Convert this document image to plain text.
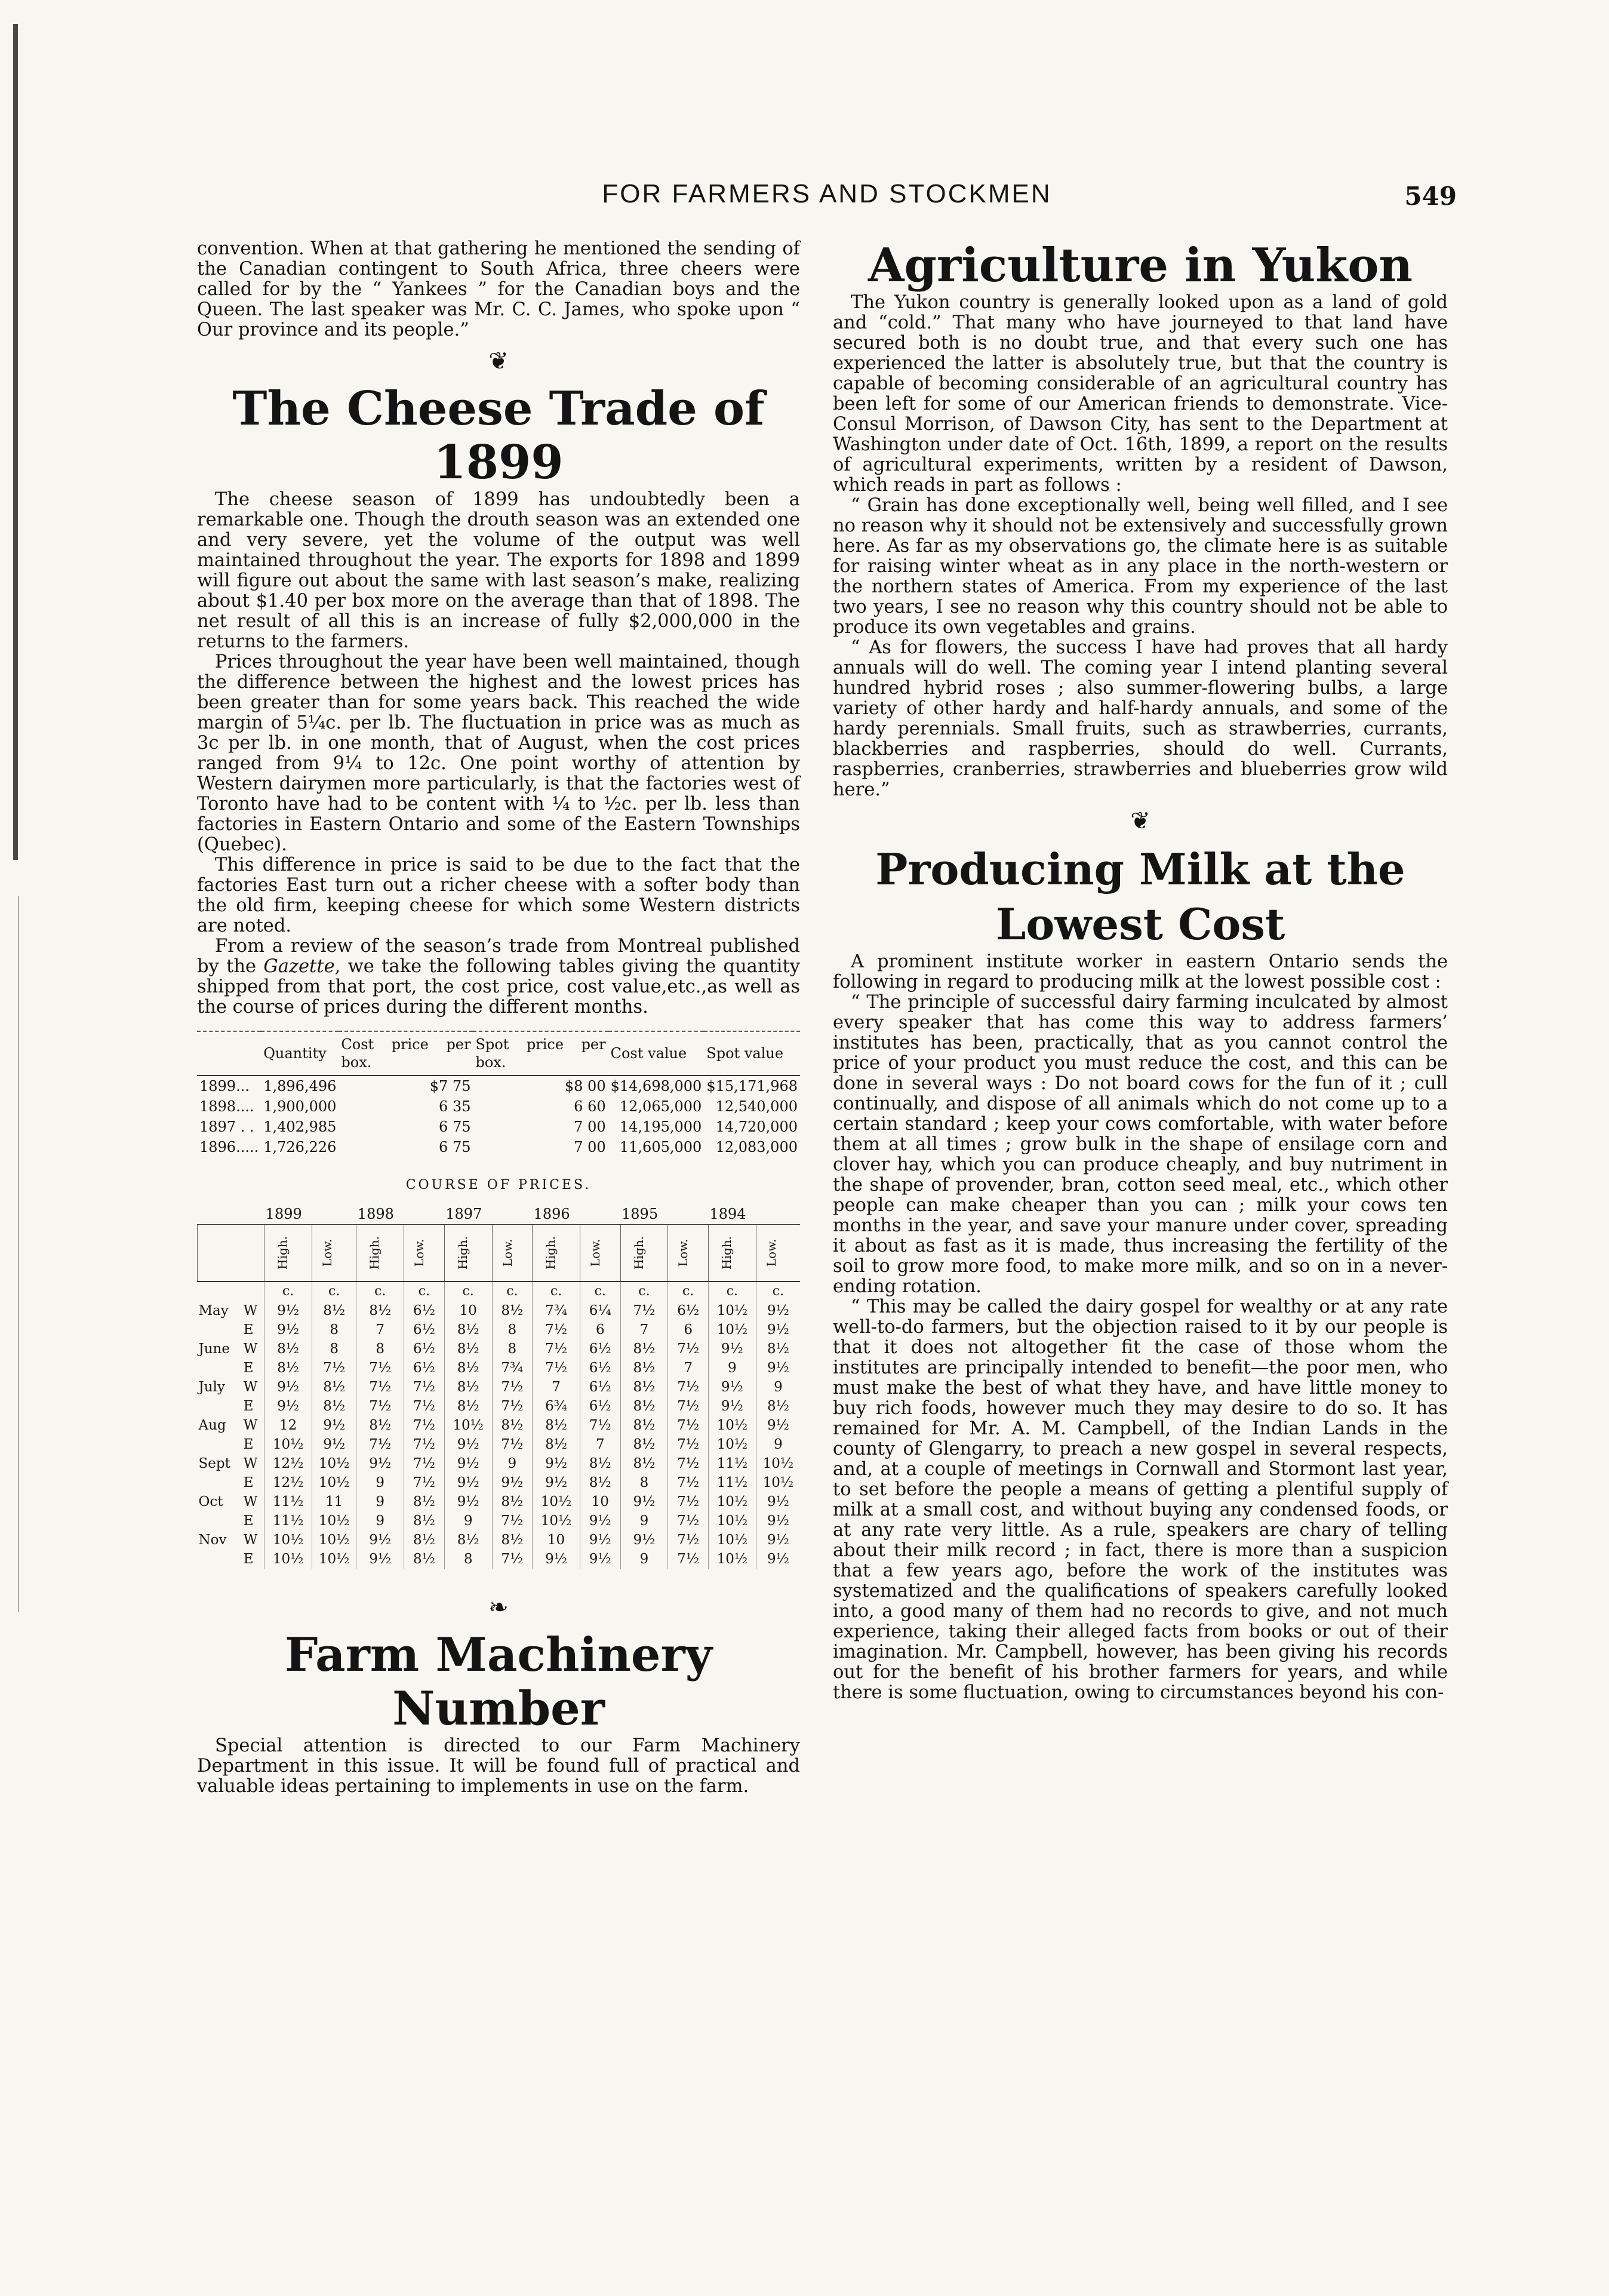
FOR FARMERS AND STOCKMEN	549

convention. When at that gathering he mentioned the sending of the Canadian contingent to South Africa, three cheers were called for by the “ Yankees ” for the Canadian boys and the Queen. The last speaker was Mr. C. C. James, who spoke upon “ Our province and its people.”

❦
The Cheese Trade of 1899

The cheese season of 1899 has undoubtedly been a remarkable one. Though the drouth season was an extended one and very severe, yet the volume of the output was well maintained throughout the year. The exports for 1898 and 1899 will figure out about the same with last season’s make, realizing about $1.40 per box more on the average than that of 1898. The net result of all this is an increase of fully $2,000,000 in the returns to the farmers.

Prices throughout the year have been well maintained, though the difference between the highest and the lowest prices has been greater than for some years back. This reached the wide margin of 5¼c. per lb. The fluctuation in price was as much as 3c per lb. in one month, that of August, when the cost prices ranged from 9¼ to 12c. One point worthy of attention by Western dairymen more particularly, is that the factories west of Toronto have had to be content with ¼ to ½c. per lb. less than factories in Eastern Ontario and some of the Eastern Townships (Quebec).

This difference in price is said to be due to the fact that the factories East turn out a richer cheese with a softer body than the old firm, keeping cheese for which some Western districts are noted.

From a review of the season’s trade from Montreal published by the Gazette, we take the following tables giving the quantity shipped from that port, the cost price, cost value,etc.,as well as the course of prices during the different months.

	Quantity	Cost price per box.	Spot price per box.	Cost value	Spot value
1899...	1,896,496	$7 75	$8 00	$14,698,000	$15,171,968
1898....	1,900,000	6 35	6 60	12,065,000	12,540,000
1897 . .	1,402,985	6 75	7 00	14,195,000	14,720,000
1896.....	1,726,226	6 75	7 00	11,605,000	12,083,000
COURSE OF PRICES.
		1899		1898		1897		1896		1895		1894	
		High.	Low.	High.	Low.	High.	Low.	High.	Low.	High.	Low.	High.	Low.
		c.	c.	c.	c.	c.	c.	c.	c.	c.	c.	c.	c.
May	W	9½	8½	8½	6½	10	8½	7¾	6¼	7½	6½	10½	9½
	E	9½	8	7	6½	8½	8	7½	6	7	6	10½	9½
June	W	8½	8	8	6½	8½	8	7½	6½	8½	7½	9½	8½
	E	8½	7½	7½	6½	8½	7¾	7½	6½	8½	7	9	9½
July	W	9½	8½	7½	7½	8½	7½	7	6½	8½	7½	9½	9
	E	9½	8½	7½	7½	8½	7½	6¾	6½	8½	7½	9½	8½
Aug	W	12	9½	8½	7½	10½	8½	8½	7½	8½	7½	10½	9½
	E	10½	9½	7½	7½	9½	7½	8½	7	8½	7½	10½	9
Sept	W	12½	10½	9½	7½	9½	9	9½	8½	8½	7½	11½	10½
	E	12½	10½	9	7½	9½	9½	9½	8½	8	7½	11½	10½
Oct	W	11½	11	9	8½	9½	8½	10½	10	9½	7½	10½	9½
	E	11½	10½	9	8½	9	7½	10½	9½	9	7½	10½	9½
Nov	W	10½	10½	9½	8½	8½	8½	10	9½	9½	7½	10½	9½
	E	10½	10½	9½	8½	8	7½	9½	9½	9	7½	10½	9½
❧
Farm Machinery Number

Special attention is directed to our Farm Machinery Department in this issue. It will be found full of practical and valuable ideas pertaining to implements in use on the farm.

Agriculture in Yukon

The Yukon country is generally looked upon as a land of gold and “cold.” That many who have journeyed to that land have secured both is no doubt true, and that every such one has experienced the latter is absolutely true, but that the country is capable of becoming considerable of an agricultural country has been left for some of our American friends to demonstrate. Vice-Consul Morrison, of Dawson City, has sent to the Department at Washington under date of Oct. 16th, 1899, a report on the results of agricultural experiments, written by a resident of Dawson, which reads in part as follows :

“ Grain has done exceptionally well, being well filled, and I see no reason why it should not be extensively and successfully grown here. As far as my observations go, the climate here is as suitable for raising winter wheat as in any place in the north-western or the northern states of America. From my experience of the last two years, I see no reason why this country should not be able to produce its own vegetables and grains.

“ As for flowers, the success I have had proves that all hardy annuals will do well. The coming year I intend planting several hundred hybrid roses ; also summer-flowering bulbs, a large variety of other hardy and half-hardy annuals, and some of the hardy perennials. Small fruits, such as strawberries, currants, blackberries and raspberries, should do well. Currants, raspberries, cranberries, strawberries and blueberries grow wild here.”

❦
Producing Milk at the
Lowest Cost

A prominent institute worker in eastern Ontario sends the following in regard to producing milk at the lowest possible cost :

“ The principle of successful dairy farming inculcated by almost every speaker that has come this way to address farmers’ institutes has been, practically, that as you cannot control the price of your product you must reduce the cost, and this can be done in several ways : Do not board cows for the fun of it ; cull continually, and dispose of all animals which do not come up to a certain standard ; keep your cows comfortable, with water before them at all times ; grow bulk in the shape of ensilage corn and clover hay, which you can produce cheaply, and buy nutriment in the shape of provender, bran, cotton seed meal, etc., which other people can make cheaper than you can ; milk your cows ten months in the year, and save your manure under cover, spreading it about as fast as it is made, thus increasing the fertility of the soil to grow more food, to make more milk, and so on in a never-ending rotation.

“ This may be called the dairy gospel for wealthy or at any rate well-to-do farmers, but the objection raised to it by our people is that it does not altogether fit the case of those whom the institutes are principally intended to benefit—the poor men, who must make the best of what they have, and have little money to buy rich foods, however much they may desire to do so. It has remained for Mr. A. M. Campbell, of the Indian Lands in the county of Glengarry, to preach a new gospel in several respects, and, at a couple of meetings in Cornwall and Stormont last year, to set before the people a means of getting a plentiful supply of milk at a small cost, and without buying any condensed foods, or at any rate very little. As a rule, speakers are chary of telling about their milk record ; in fact, there is more than a suspicion that a few years ago, before the work of the institutes was systematized and the qualifications of speakers carefully looked into, a good many of them had no records to give, and not much experience, taking their alleged facts from books or out of their imagination. Mr. Campbell, however, has been giving his records out for the benefit of his brother farmers for years, and while there is some fluctuation, owing to circumstances beyond his con-
